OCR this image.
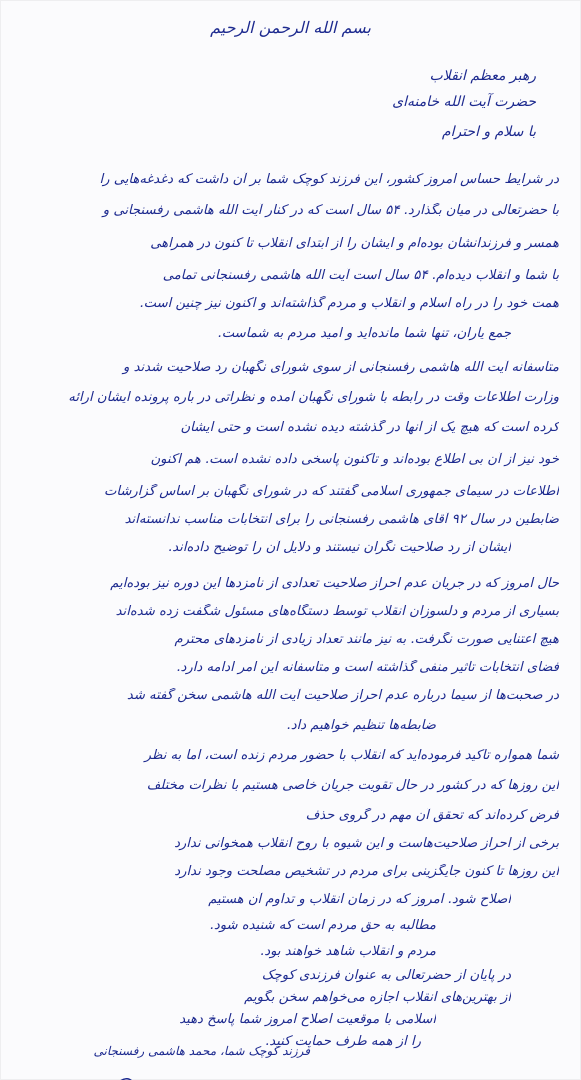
بسم الله الرحمن الرحیم
رهبر معظم انقلاب
حضرت آیت الله خامنه‌ای
با سلام و احترام
در شرایط حساس امروز کشور، این فرزند کوچک شما بر آن داشت که دغدغه‌هایی را
با حضرتعالی در میان بگذارد. ۵۴ سال است که در کنار آیت الله هاشمی رفسنجانی و
همسر و فرزندانشان بوده‌ام و ایشان را از ابتدای انقلاب تا کنون در همراهی
با شما و انقلاب دیده‌ام. ۵۴ سال است آیت الله هاشمی رفسنجانی تمامی
همت خود را در راه اسلام و انقلاب و مردم گذاشته‌اند و اکنون نیز چنین است.
جمع یاران، تنها شما مانده‌اید و امید مردم به شماست.
متاسفانه آیت الله هاشمی رفسنجانی از سوی شورای نگهبان رد صلاحیت شدند و
وزارت اطلاعات وقت در رابطه با شورای نگهبان آمده و نظراتی در باره پرونده ایشان ارائه
کرده است که هیچ یک از آنها در گذشته دیده نشده است و حتی ایشان
خود نیز از آن بی اطلاع بوده‌اند و تاکنون پاسخی داده نشده است. هم اکنون
اطلاعات در سیمای جمهوری اسلامی گفتند که در شورای نگهبان بر اساس گزارشات
ضابطین در سال ۹۲ آقای هاشمی رفسنجانی را برای انتخابات مناسب ندانسته‌اند
ایشان از رد صلاحیت نگران نیستند و دلایل آن را توضیح داده‌اند.
حال امروز که در جریان عدم احراز صلاحیت تعدادی از نامزدها این دوره نیز بوده‌ایم
بسیاری از مردم و دلسوزان انقلاب توسط دستگاه‌های مسئول شگفت زده شده‌اند
هیچ اعتنایی صورت نگرفت. به نیز مانند تعداد زیادی از نامزدهای محترم
فضای انتخابات تاثیر منفی گذاشته است و متاسفانه این امر ادامه دارد.
در صحبت‌ها از سیما درباره عدم احراز صلاحیت آیت الله هاشمی سخن گفته شد
ضابطه‌ها تنظیم خواهیم داد.
شما همواره تاکید فرموده‌اید که انقلاب با حضور مردم زنده است، اما به نظر
این روزها که در کشور در حال تقویت جریان خاصی هستیم با نظرات مختلف
فرض کرده‌اند که تحقق آن مهم در گروی حذف
برخی از احراز صلاحیت‌هاست و این شیوه با روح انقلاب همخوانی ندارد
این روزها تا کنون جایگزینی برای مردم در تشخیص مصلحت وجود ندارد
اصلاح شود. امروز که در زمان انقلاب و تداوم آن هستیم
مطالبه به حق مردم است که شنیده شود.
مردم و انقلاب شاهد خواهند بود.
در پایان از حضرتعالی به عنوان فرزندی کوچک
از بهترین‌های انقلاب اجازه می‌خواهم سخن بگویم
اسلامی با موقعیت اصلاح امروز شما پاسخ دهید
را از همه طرف حمایت کنید.
فرزند کوچک شما، محمد هاشمی رفسنجانی
